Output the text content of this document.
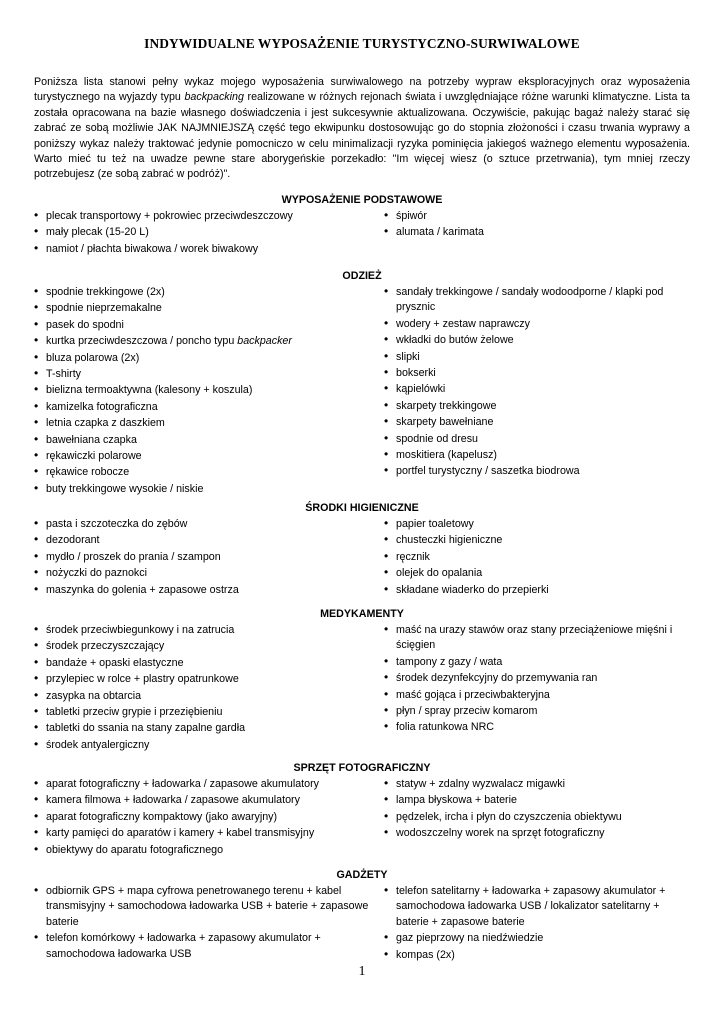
INDYWIDUALNE WYPOSAŻENIE TURYSTYCZNO-SURWIWALOWE

Poniższa lista stanowi pełny wykaz mojego wyposażenia surwiwalowego na potrzeby wypraw eksploracyjnych oraz wyposażenia turystycznego na wyjazdy typu backpacking realizowane w różnych rejonach świata i uwzględniające różne warunki klimatyczne. Lista ta została opracowana na bazie własnego doświadczenia i jest sukcesywnie aktualizowana. Oczywiście, pakując bagaż należy starać się zabrać ze sobą możliwie JAK NAJMNIEJSZĄ część tego ekwipunku dostosowując go do stopnia złożoności i czasu trwania wyprawy a poniższy wykaz należy traktować jedynie pomocniczo w celu minimalizacji ryzyka pominięcia jakiegoś ważnego elementu wyposażenia. Warto mieć tu też na uwadze pewne stare aborygeńskie porzekadło: "Im więcej wiesz (o sztuce przetrwania), tym mniej rzeczy potrzebujesz (ze sobą zabrać w podróż)".

WYPOSAŻENIE PODSTAWOWE
• plecak transportowy + pokrowiec przeciwdeszczowy
• mały plecak (15-20 L)
• namiot / płachta biwakowa / worek biwakowy
• śpiwór
• alumata / karimata
ODZIEŻ
• spodnie trekkingowe (2x)
• spodnie nieprzemakalne
• pasek do spodni
• kurtka przeciwdeszczowa / poncho typu backpacker
• bluza polarowa (2x)
• T-shirty
• bielizna termoaktywna (kalesony + koszula)
• kamizelka fotograficzna
• letnia czapka z daszkiem
• bawełniana czapka
• rękawiczki polarowe
• rękawice robocze
• buty trekkingowe wysokie / niskie
• sandały trekkingowe / sandały wodoodporne / klapki pod prysznic
• wodery + zestaw naprawczy
• wkładki do butów żelowe
• slipki
• bokserki
• kąpielówki
• skarpety trekkingowe
• skarpety bawełniane
• spodnie od dresu
• moskitiera (kapelusz)
• portfel turystyczny / saszetka biodrowa
ŚRODKI HIGIENICZNE
• pasta i szczoteczka do zębów
• dezodorant
• mydło / proszek do prania / szampon
• nożyczki do paznokci
• maszynka do golenia + zapasowe ostrza
• papier toaletowy
• chusteczki higieniczne
• ręcznik
• olejek do opalania
• składane wiaderko do przepierki
MEDYKAMENTY
• środek przeciwbiegunkowy i na zatrucia
• środek przeczyszczający
• bandaże + opaski elastyczne
• przylepiec w rolce + plastry opatrunkowe
• zasypka na obtarcia
• tabletki przeciw grypie i przeziębieniu
• tabletki do ssania na stany zapalne gardła
• środek antyalergiczny
• maść na urazy stawów oraz stany przeciążeniowe mięśni i ścięgien
• tampony z gazy / wata
• środek dezynfekcyjny do przemywania ran
• maść gojąca i przeciwbakteryjna
• płyn / spray przeciw komarom
• folia ratunkowa NRC
SPRZĘT FOTOGRAFICZNY
• aparat fotograficzny + ładowarka / zapasowe akumulatory
• kamera filmowa + ładowarka / zapasowe akumulatory
• aparat fotograficzny kompaktowy (jako awaryjny)
• karty pamięci do aparatów i kamery + kabel transmisyjny
• obiektywy do aparatu fotograficznego
• statyw + zdalny wyzwalacz migawki
• lampa błyskowa + baterie
• pędzelek, ircha i płyn do czyszczenia obiektywu
• wodoszczelny worek na sprzęt fotograficzny
GADŻETY
• odbiornik GPS + mapa cyfrowa penetrowanego terenu + kabel transmisyjny + samochodowa ładowarka USB + baterie + zapasowe baterie
• telefon komórkowy + ładowarka + zapasowy akumulator + samochodowa ładowarka USB
• telefon satelitarny + ładowarka + zapasowy akumulator + samochodowa ładowarka USB / lokalizator satelitarny + baterie + zapasowe baterie
• gaz pieprzowy na niedźwiedzie
• kompas (2x)
1
